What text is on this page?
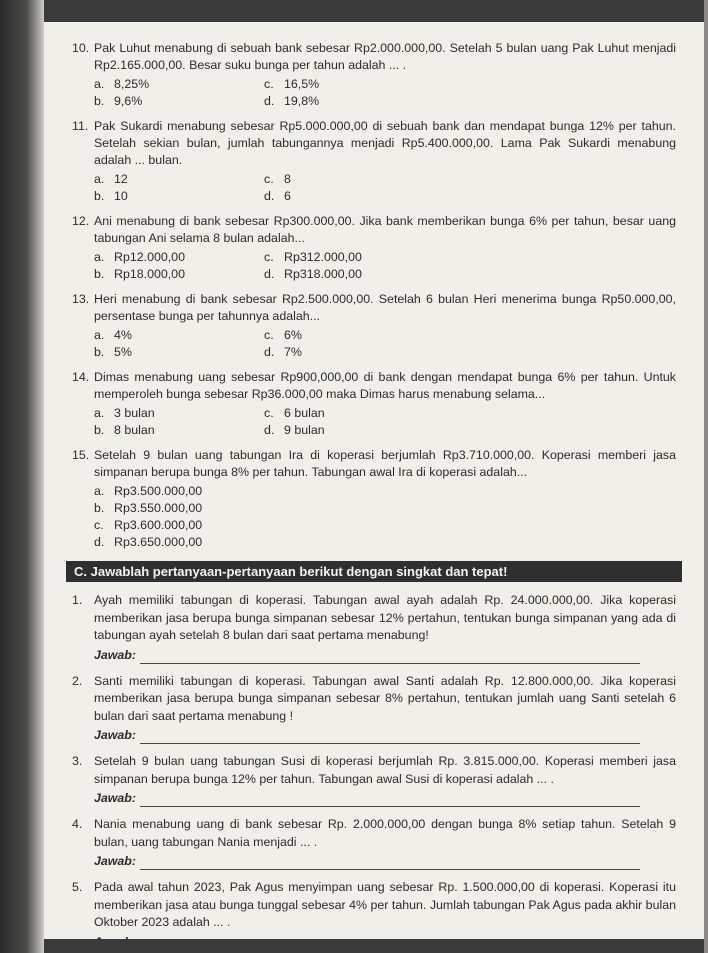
10. Pak Luhut menabung di sebuah bank sebesar Rp2.000.000,00. Setelah 5 bulan uang Pak Luhut menjadi Rp2.165.000,00. Besar suku bunga per tahun adalah ... .
a. 8,25%	c. 16,5%
b. 9,6%	d. 19,8%
11. Pak Sukardi menabung sebesar Rp5.000.000,00 di sebuah bank dan mendapat bunga 12% per tahun. Setelah sekian bulan, jumlah tabungannya menjadi Rp5.400.000,00. Lama Pak Sukardi menabung adalah ... bulan.
a. 12	c. 8
b. 10	d. 6
12. Ani menabung di bank sebesar Rp300.000,00. Jika bank memberikan bunga 6% per tahun, besar uang tabungan Ani selama 8 bulan adalah...
a. Rp12.000,00	c. Rp312.000,00
b. Rp18.000,00	d. Rp318.000,00
13. Heri menabung di bank sebesar Rp2.500.000,00. Setelah 6 bulan Heri menerima bunga Rp50.000,00, persentase bunga per tahunnya adalah...
a. 4%	c. 6%
b. 5%	d. 7%
14. Dimas menabung uang sebesar Rp900,000,00 di bank dengan mendapat bunga 6% per tahun. Untuk memperoleh bunga sebesar Rp36.000,00 maka Dimas harus menabung selama...
a. 3 bulan	c. 6 bulan
b. 8 bulan	d. 9 bulan
15. Setelah 9 bulan uang tabungan Ira di koperasi berjumlah Rp3.710.000,00. Koperasi memberi jasa simpanan berupa bunga 8% per tahun. Tabungan awal Ira di koperasi adalah...
a. Rp3.500.000,00
b. Rp3.550.000,00
c. Rp3.600.000,00
d. Rp3.650.000,00
C. Jawablah pertanyaan-pertanyaan berikut dengan singkat dan tepat!
1. Ayah memiliki tabungan di koperasi. Tabungan awal ayah adalah Rp. 24.000.000,00. Jika koperasi memberikan jasa berupa bunga simpanan sebesar 12% pertahun, tentukan bunga simpanan yang ada di tabungan ayah setelah 8 bulan dari saat pertama menabung!
Jawab:
2. Santi memiliki tabungan di koperasi. Tabungan awal Santi adalah Rp. 12.800.000,00. Jika koperasi memberikan jasa berupa bunga simpanan sebesar 8% pertahun, tentukan jumlah uang Santi setelah 6 bulan dari saat pertama menabung !
Jawab:
3. Setelah 9 bulan uang tabungan Susi di koperasi berjumlah Rp. 3.815.000,00. Koperasi memberi jasa simpanan berupa bunga 12% per tahun. Tabungan awal Susi di koperasi adalah ... .
Jawab:
4. Nania menabung uang di bank sebesar Rp. 2.000.000,00 dengan bunga 8% setiap tahun. Setelah 9 bulan, uang tabungan Nania menjadi ... .
Jawab:
5. Pada awal tahun 2023, Pak Agus menyimpan uang sebesar Rp. 1.500.000,00 di koperasi. Koperasi itu memberikan jasa atau bunga tunggal sebesar 4% per tahun. Jumlah tabungan Pak Agus pada akhir bulan Oktober 2023 adalah ... .
